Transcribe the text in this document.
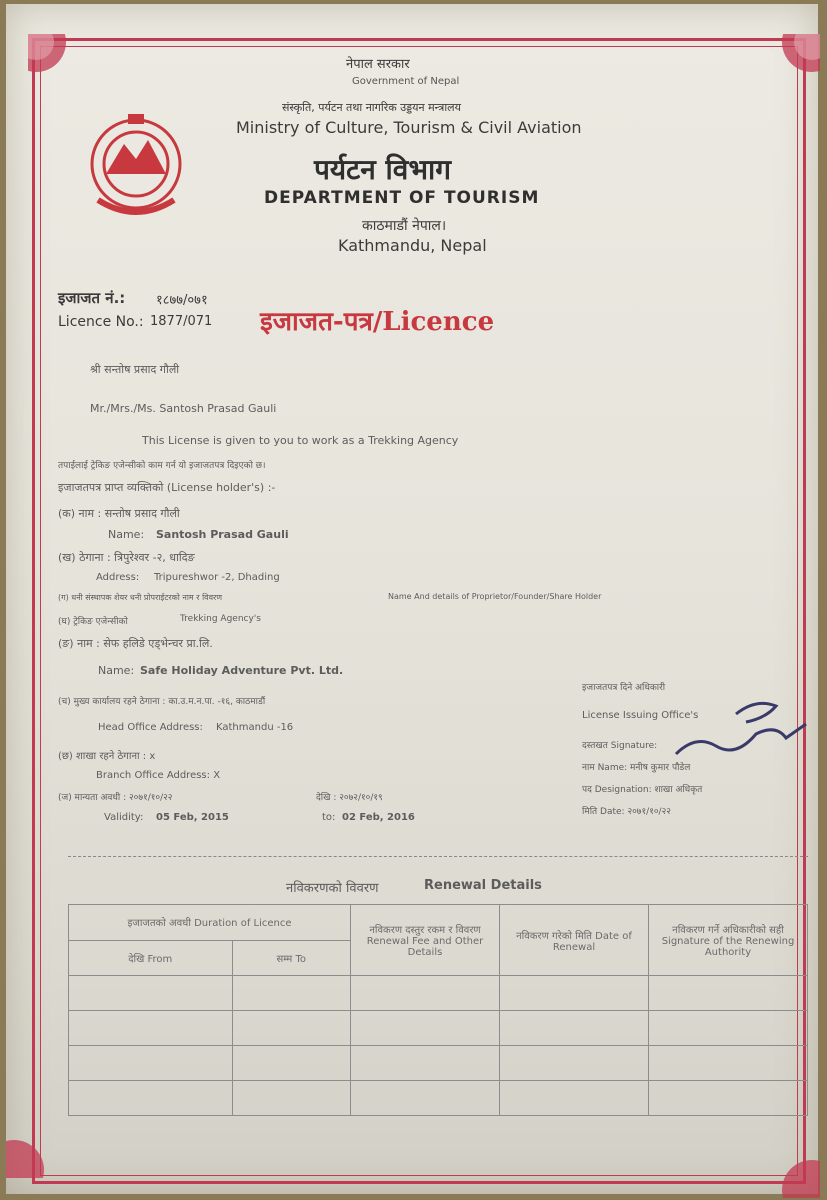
नेपाल सरकार
Government of Nepal
संस्कृति, पर्यटन तथा नागरिक उड्डयन मन्त्रालय
Ministry of Culture, Tourism & Civil Aviation
पर्यटन विभाग
DEPARTMENT OF TOURISM
काठमाडौं नेपाल।
Kathmandu, Nepal
इजाजत नं.: १८७७/०७१
Licence No.: 1877/071 इजाजत-पत्र/Licence
श्री सन्तोष प्रसाद गौली
Mr./Mrs./Ms. Santosh Prasad Gauli
This License is given to you to work as a Trekking Agency
तपाईलाई ट्रेकिङ एजेन्सीको काम गर्न यो इजाजतपत्र दिइएको छ।
इजाजतपत्र प्राप्त व्यक्तिको (License holder's) :-
(क) नाम : सन्तोष प्रसाद गौली
Name: Santosh Prasad Gauli
(ख) ठेगाना : त्रिपुरेश्वर -२, धादिङ
Address: Tripureshwor -2, Dhading
(ग) धनी संस्थापक शेयर धनी प्रोपराईटरको नाम र विवरण	Name And details of Proprietor/Founder/Share Holder
(घ) ट्रेकिङ एजेन्सीको	Trekking Agency's
(ङ) नाम : सेफ हलिडे एड्भेन्चर प्रा.लि.
Name: Safe Holiday Adventure Pvt. Ltd.
(च) मुख्य कार्यालय रहने ठेगाना : का.उ.म.न.पा. -१६, काठमाडौं
Head Office Address: Kathmandu -16
(छ) शाखा रहने ठेगाना : x
Branch Office Address: X
(ज) मान्यता अवधी : २०७१/१०/२२	देखि : २०७२/१०/१९
Validity: 05 Feb, 2015	to: 02 Feb, 2016
इजाजतपत्र दिने अधिकारी
License Issuing Office's
दस्तखत Signature:
नाम Name: मनीष कुमार पौडेल
पद Designation: शाखा अधिकृत
मिति Date: २०७१/१०/२२
नविकरणको विवरण	Renewal Details
इजाजतको अवधी Duration of Licence		नविकरण दस्तुर रकम र विवरण Renewal Fee and Other Details	नविकरण गरेको मिति Date of Renewal	नविकरण गर्ने अधिकारीको सही Signature of the Renewing Authority
देखि From	सम्म To			
